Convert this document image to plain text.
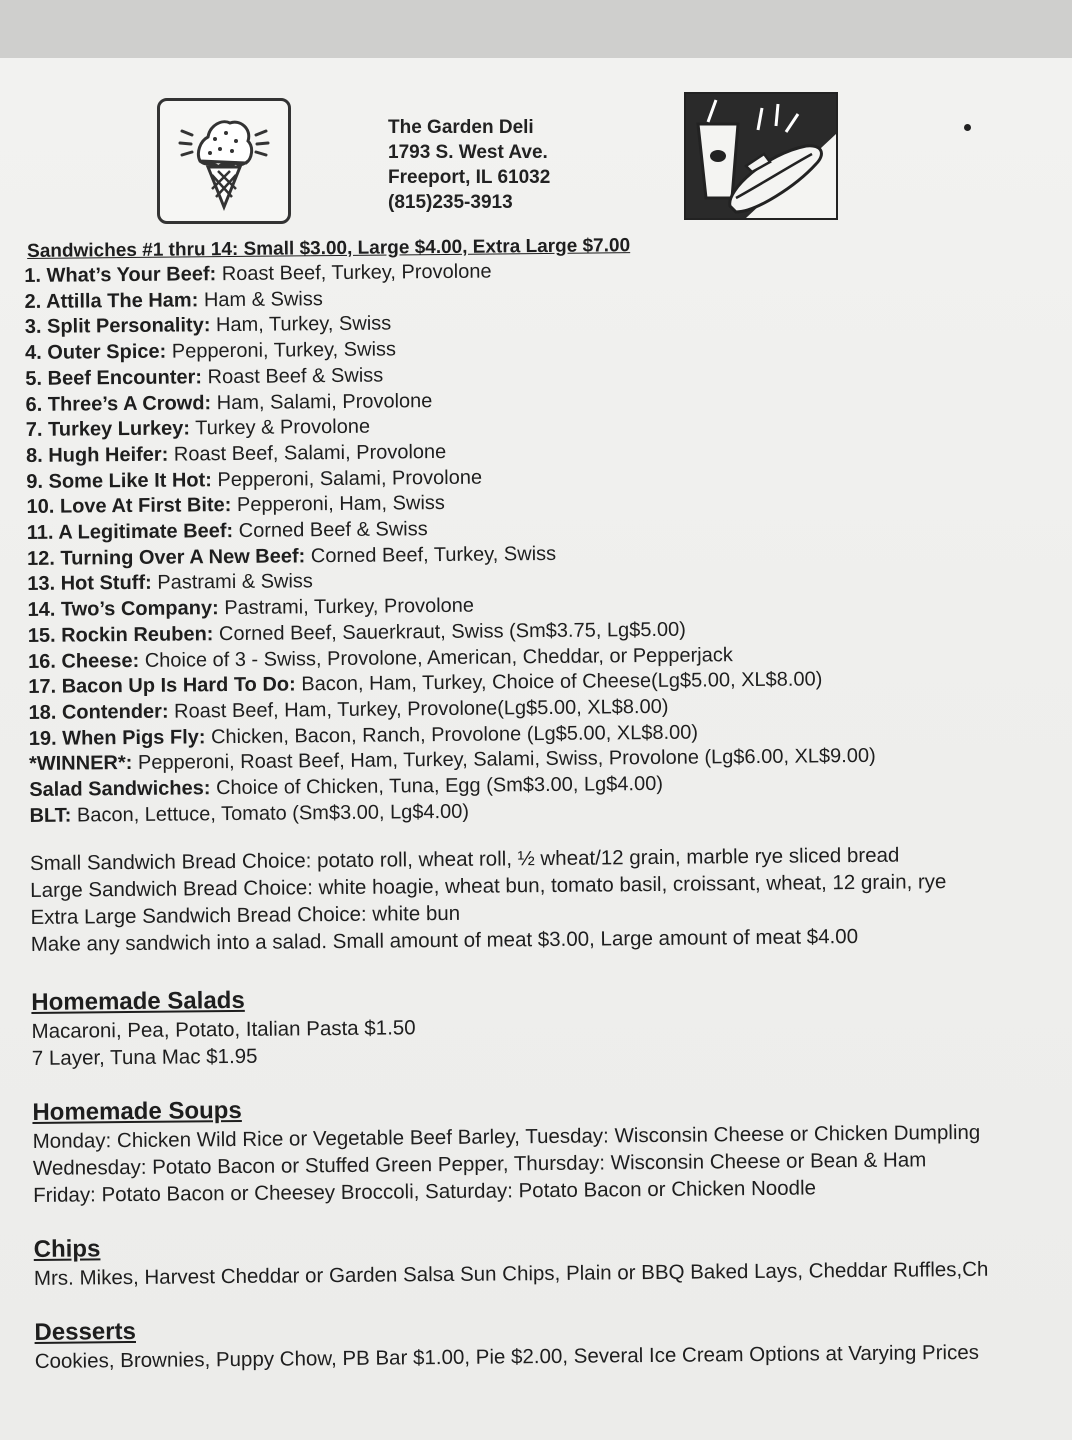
The Garden Deli
1793 S. West Ave.
Freeport, IL 61032
(815)235-3913
Sandwiches #1 thru 14: Small $3.00, Large $4.00, Extra Large $7.00
1. What’s Your Beef: Roast Beef, Turkey, Provolone
2. Attilla The Ham: Ham & Swiss
3. Split Personality: Ham, Turkey, Swiss
4. Outer Spice: Pepperoni, Turkey, Swiss
5. Beef Encounter: Roast Beef & Swiss
6. Three’s A Crowd: Ham, Salami, Provolone
7. Turkey Lurkey: Turkey & Provolone
8. Hugh Heifer: Roast Beef, Salami, Provolone
9. Some Like It Hot: Pepperoni, Salami, Provolone
10. Love At First Bite: Pepperoni, Ham, Swiss
11. A Legitimate Beef: Corned Beef & Swiss
12. Turning Over A New Beef: Corned Beef, Turkey, Swiss
13. Hot Stuff: Pastrami & Swiss
14. Two’s Company: Pastrami, Turkey, Provolone
15. Rockin Reuben: Corned Beef, Sauerkraut, Swiss (Sm$3.75, Lg$5.00)
16. Cheese: Choice of 3 - Swiss, Provolone, American, Cheddar, or Pepperjack
17. Bacon Up Is Hard To Do: Bacon, Ham, Turkey, Choice of Cheese(Lg$5.00, XL$8.00)
18. Contender: Roast Beef, Ham, Turkey, Provolone(Lg$5.00, XL$8.00)
19. When Pigs Fly: Chicken, Bacon, Ranch, Provolone (Lg$5.00, XL$8.00)
*WINNER*: Pepperoni, Roast Beef, Ham, Turkey, Salami, Swiss, Provolone (Lg$6.00, XL$9.00)
Salad Sandwiches: Choice of Chicken, Tuna, Egg (Sm$3.00, Lg$4.00)
BLT: Bacon, Lettuce, Tomato (Sm$3.00, Lg$4.00)
Small Sandwich Bread Choice: potato roll, wheat roll, ½ wheat/12 grain, marble rye sliced bread
Large Sandwich Bread Choice: white hoagie, wheat bun, tomato basil, croissant, wheat, 12 grain, rye
Extra Large Sandwich Bread Choice: white bun
Make any sandwich into a salad. Small amount of meat $3.00, Large amount of meat $4.00
Homemade Salads
Macaroni, Pea, Potato, Italian Pasta $1.50
7 Layer, Tuna Mac $1.95
Homemade Soups
Monday: Chicken Wild Rice or Vegetable Beef Barley, Tuesday: Wisconsin Cheese or Chicken Dumpling
Wednesday: Potato Bacon or Stuffed Green Pepper, Thursday: Wisconsin Cheese or Bean & Ham
Friday: Potato Bacon or Cheesey Broccoli, Saturday: Potato Bacon or Chicken Noodle
Chips
Mrs. Mikes, Harvest Cheddar or Garden Salsa Sun Chips, Plain or BBQ Baked Lays, Cheddar Ruffles,Ch
Desserts
Cookies, Brownies, Puppy Chow, PB Bar $1.00, Pie $2.00, Several Ice Cream Options at Varying Prices
